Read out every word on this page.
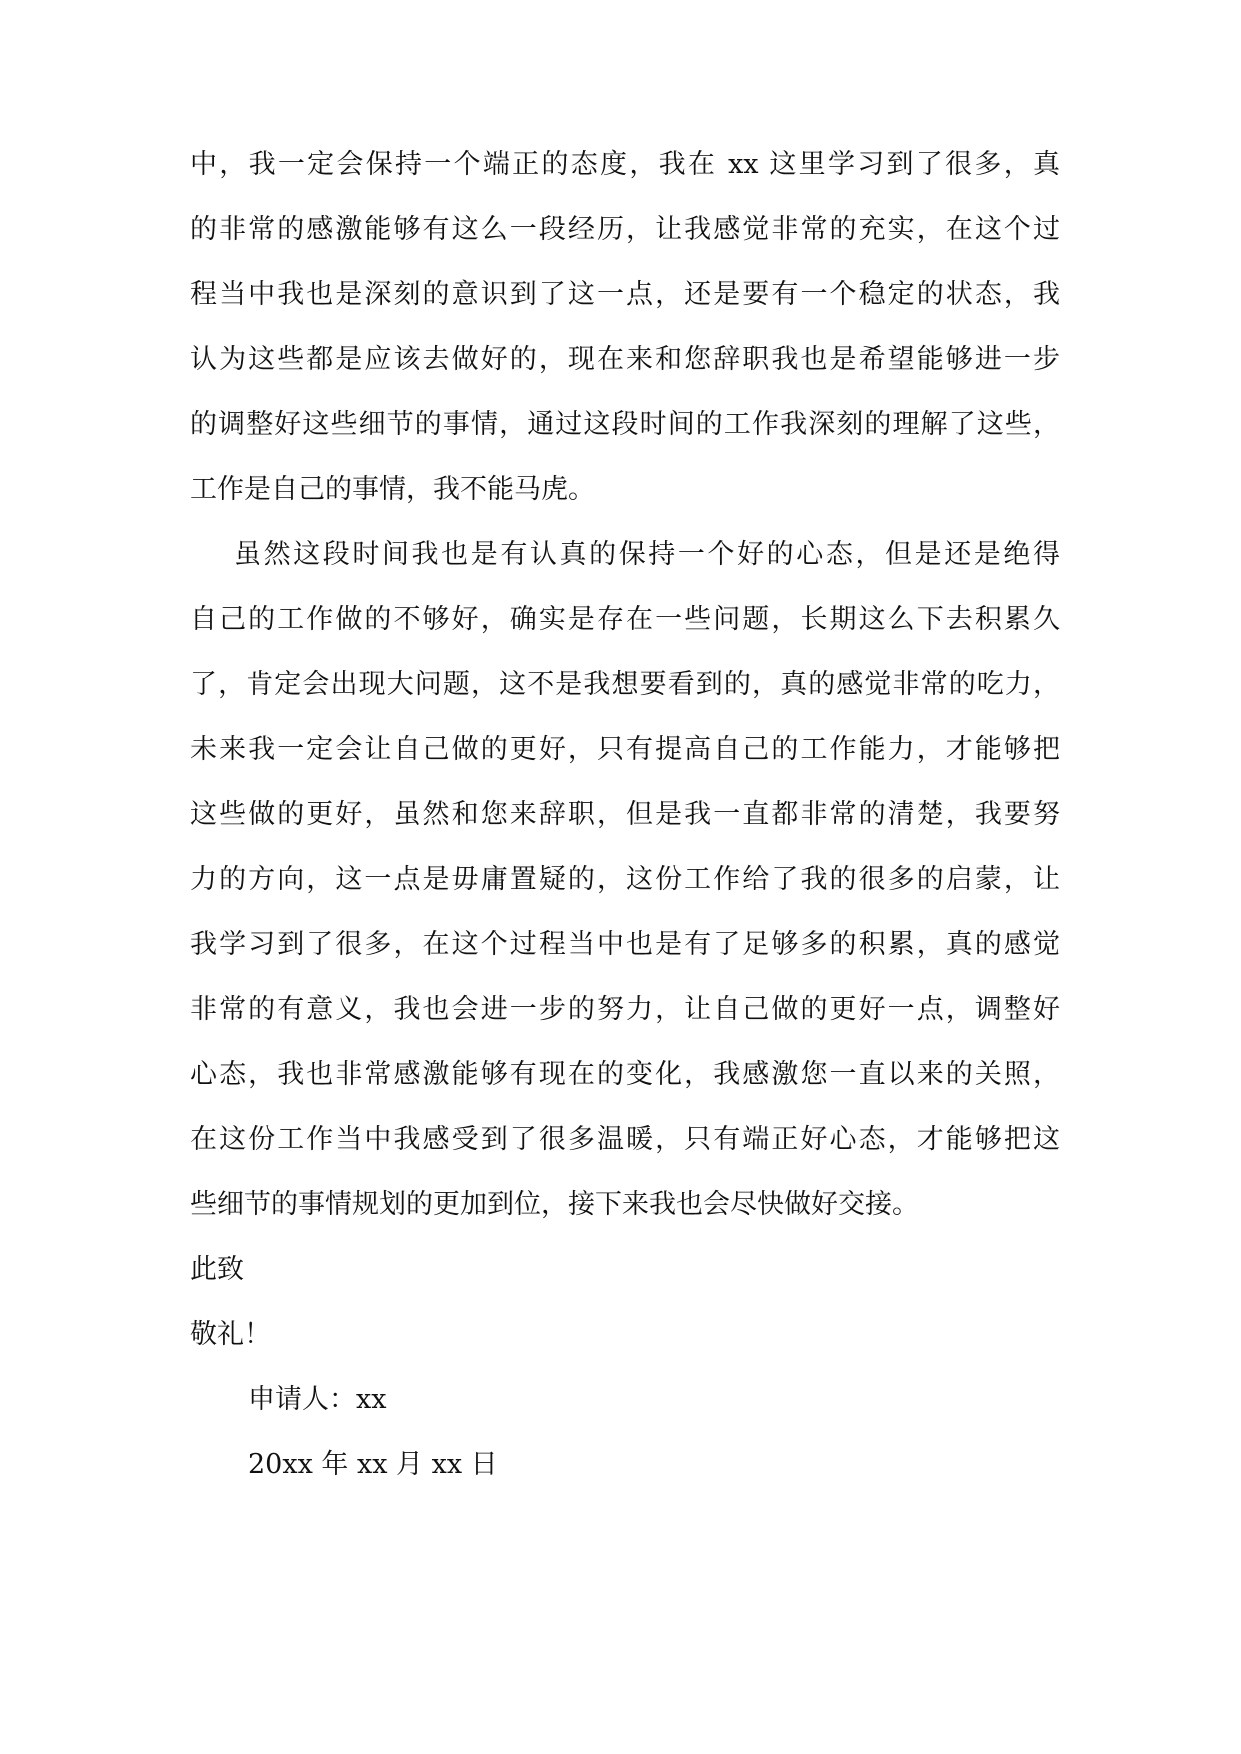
中，我一定会保持一个端正的态度，我在 xx 这里学习到了很多，真
的非常的感激能够有这么一段经历，让我感觉非常的充实，在这个过
程当中我也是深刻的意识到了这一点，还是要有一个稳定的状态，我
认为这些都是应该去做好的，现在来和您辞职我也是希望能够进一步
的调整好这些细节的事情，通过这段时间的工作我深刻的理解了这些，
工作是自己的事情，我不能马虎。
虽然这段时间我也是有认真的保持一个好的心态，但是还是绝得
自己的工作做的不够好，确实是存在一些问题，长期这么下去积累久
了，肯定会出现大问题，这不是我想要看到的，真的感觉非常的吃力，
未来我一定会让自己做的更好，只有提高自己的工作能力，才能够把
这些做的更好，虽然和您来辞职，但是我一直都非常的清楚，我要努
力的方向，这一点是毋庸置疑的，这份工作给了我的很多的启蒙，让
我学习到了很多，在这个过程当中也是有了足够多的积累，真的感觉
非常的有意义，我也会进一步的努力，让自己做的更好一点，调整好
心态，我也非常感激能够有现在的变化，我感激您一直以来的关照，
在这份工作当中我感受到了很多温暖，只有端正好心态，才能够把这
些细节的事情规划的更加到位，接下来我也会尽快做好交接。
此致
敬礼！
申请人：xx
20xx 年 xx 月 xx 日
